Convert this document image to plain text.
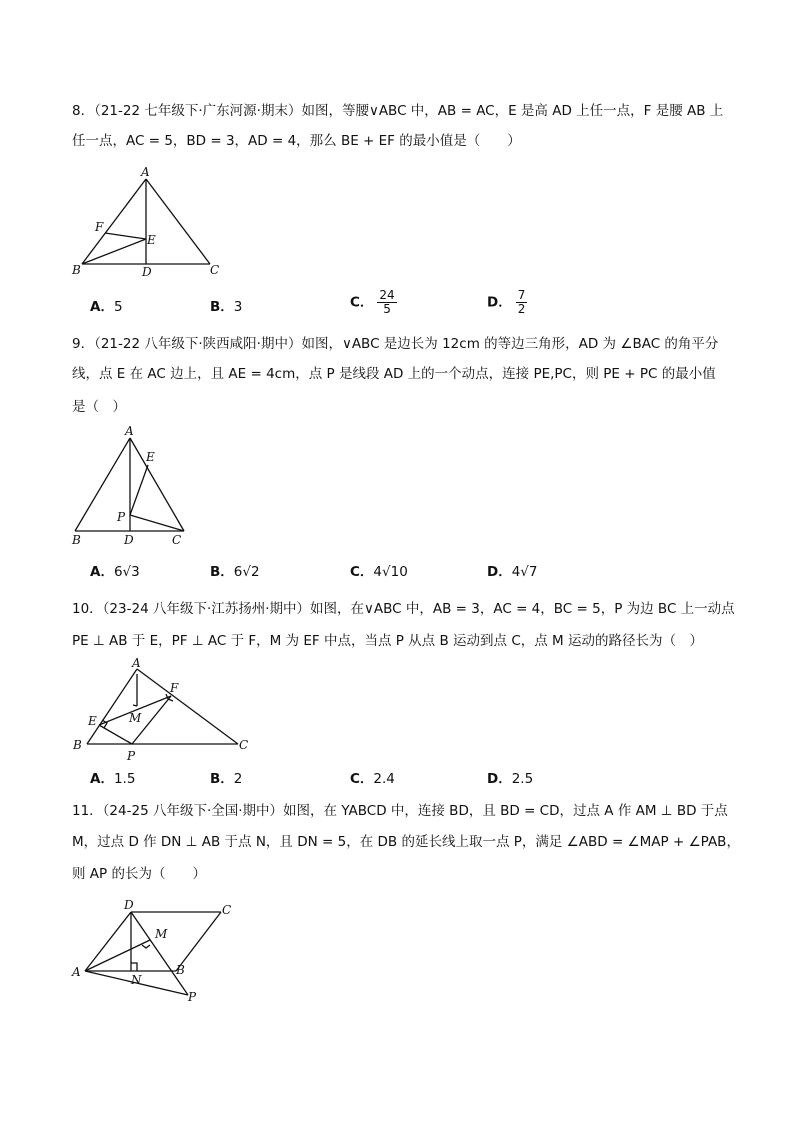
8．（21-22 七年级下·广东河源·期末）如图，等腰∨ABC 中，AB = AC，E 是高 AD 上任一点，F 是腰 AB 上
任一点，AC = 5，BD = 3，AD = 4，那么 BE + EF 的最小值是（　　）
A
B	C
D
E
F
A．5	B．3	C． $\frac{24}{5}$	D． $\frac{7}{2}$
9．（21-22 八年级下·陕西咸阳·期中）如图，∨ABC 是边长为 12cm 的等边三角形，AD 为 ∠BAC 的角平分
线，点 E 在 AC 边上，且 AE = 4cm，点 P 是线段 AD 上的一个动点，连接 PE,PC，则 PE + PC 的最小值
是（　）
A
B	C
D
E
P
A．6√3	B．6√2	C．4√10	D．4√7
10．（23-24 八年级下·江苏扬州·期中）如图，在∨ABC 中，AB = 3，AC = 4，BC = 5，P 为边 BC 上一动点
PE ⊥ AB 于 E，PF ⊥ AC 于 F，M 为 EF 中点，当点 P 从点 B 运动到点 C，点 M 运动的路径长为（　）
A
B	C
E
F
M
P
A．1.5	B．2	C．2.4	D．2.5
11．（24-25 八年级下·全国·期中）如图，在 YABCD 中，连接 BD，且 BD = CD，过点 A 作 AM ⊥ BD 于点
M，过点 D 作 DN ⊥ AB 于点 N，且 DN = 5，在 DB 的延长线上取一点 P，满足 ∠ABD = ∠MAP + ∠PAB，
则 AP 的长为（　　）
D	C
A	B
M
N
P
